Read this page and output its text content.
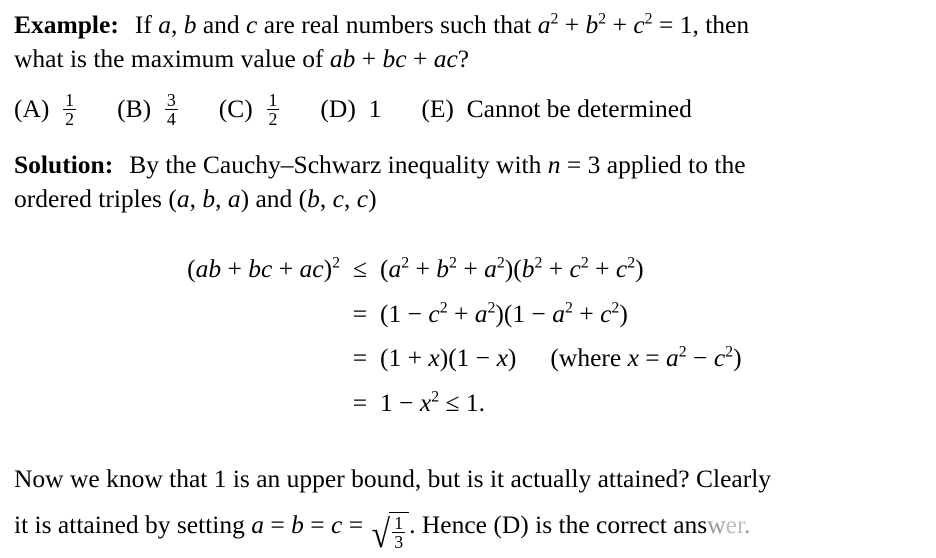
Example: If a, b and c are real numbers such that $a^2 + b^2 + c^2 = 1$, then
what is the maximum value of ab + bc + ac?
$(A) \frac{1}{2} (B) \frac{3}{4} (C) \frac{1}{2} (D)$ 1 (E) Cannot be determined
Solution: By the Cauchy–Schwarz inequality with n = 3 applied to the
ordered triples (a, b, a) and (b, c, c)
(ab + bc + $ac)^2 \le (a^2 + b^2 + a^2)(b^2 + c^2 + c^2)$
= $(1 - c^2 + a^2)(1 - a^2 + c^2)$
= (1 + x)(1 − x) (where $x = a^2 - c^2$)
= $1 - x^2 \le 1$.
Now we know that 1 is an upper bound, but is it actually attained? Clearly
it is attained by setting a = b = c = √ $\frac{1}{3}$ . Hence (D) is the correct ans​wer.
